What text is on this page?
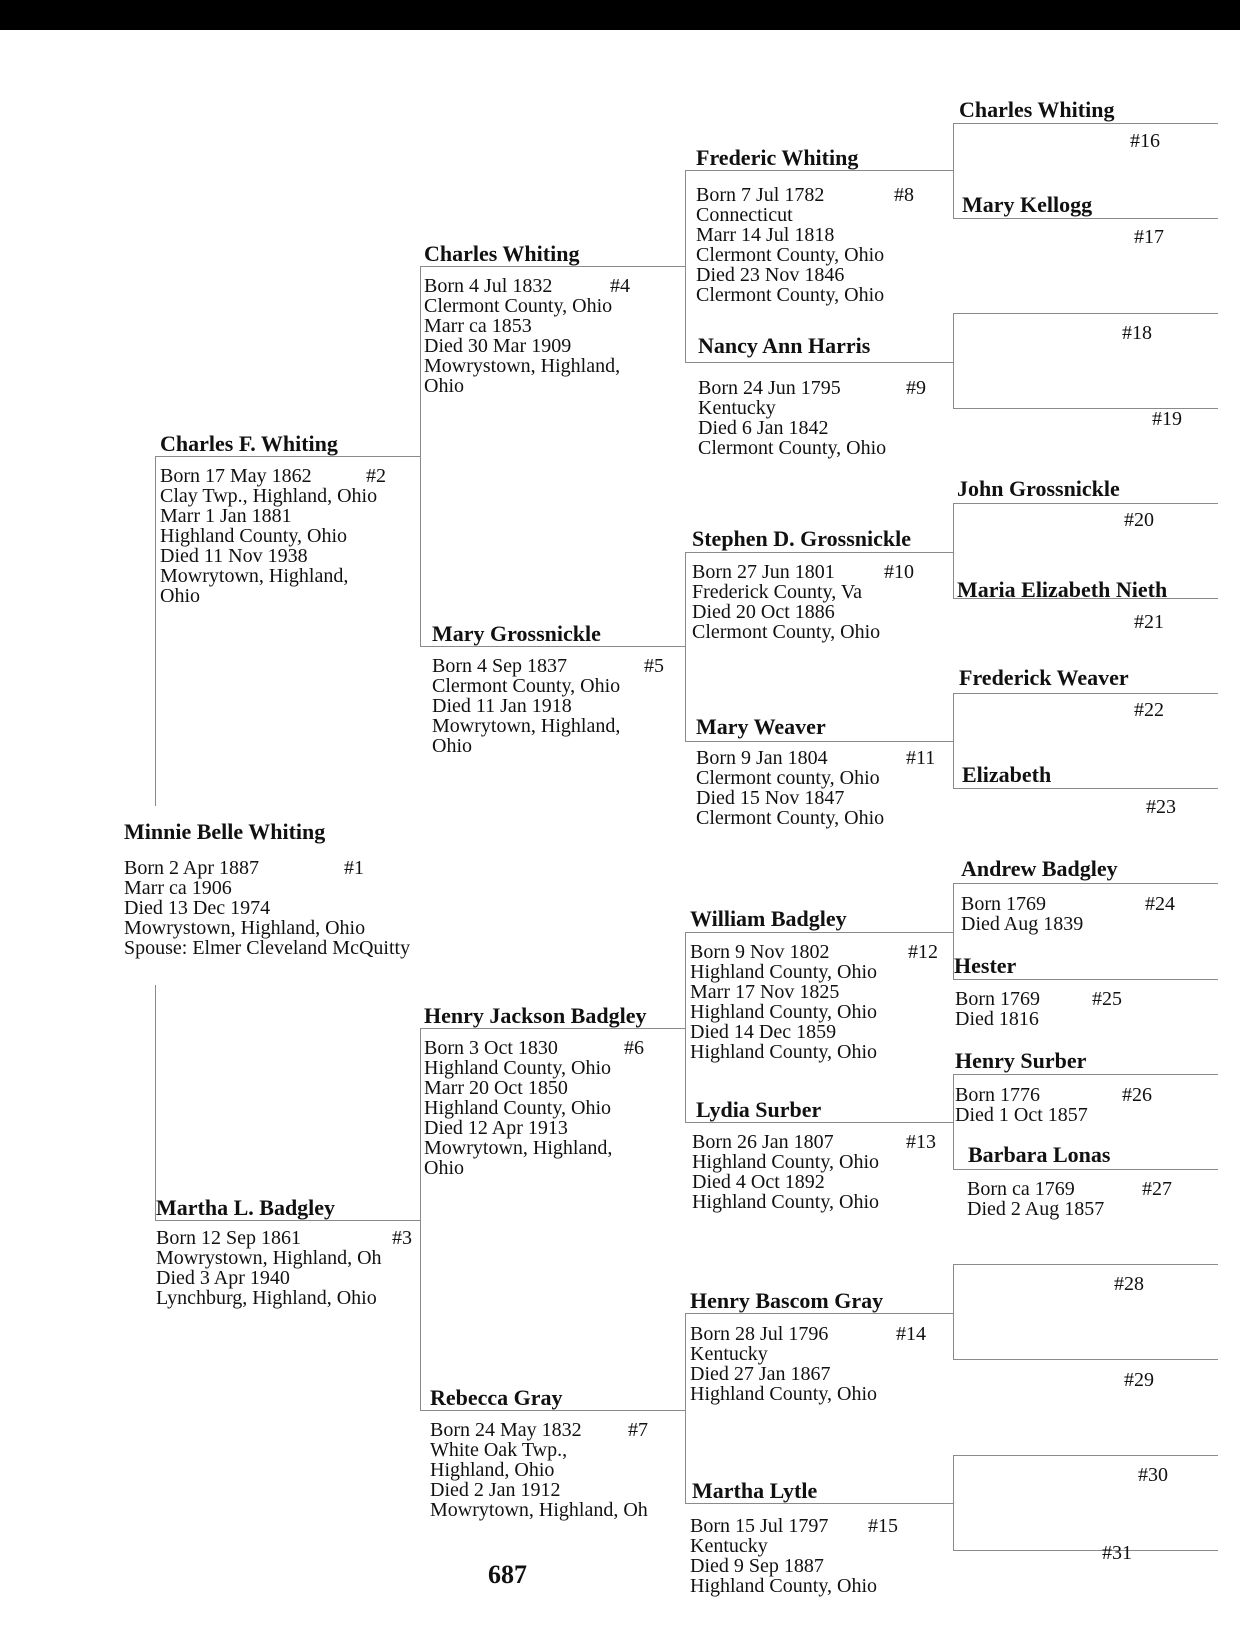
Minnie Belle Whiting
#1
Born 2 Apr 1887
Marr ca 1906
Died 13 Dec 1974
Mowrystown, Highland, Ohio
Spouse: Elmer Cleveland McQuitty
Charles F. Whiting
#2
Born 17 May 1862
Clay Twp., Highland, Ohio
Marr 1 Jan 1881
Highland County, Ohio
Died 11 Nov 1938
Mowrytown, Highland,
Ohio
Martha L. Badgley
#3
Born 12 Sep 1861
Mowrystown, Highland, Oh
Died 3 Apr 1940
Lynchburg, Highland, Ohio
Charles Whiting
#4
Born 4 Jul 1832
Clermont County, Ohio
Marr ca 1853
Died 30 Mar 1909
Mowrystown, Highland,
Ohio
Mary Grossnickle
#5
Born 4 Sep 1837
Clermont County, Ohio
Died 11 Jan 1918
Mowrytown, Highland,
Ohio
Henry Jackson Badgley
#6
Born 3 Oct 1830
Highland County, Ohio
Marr 20 Oct 1850
Highland County, Ohio
Died 12 Apr 1913
Mowrytown, Highland,
Ohio
Rebecca Gray
#7
Born 24 May 1832
White Oak Twp.,
Highland, Ohio
Died 2 Jan 1912
Mowrytown, Highland, Oh
Frederic Whiting
#8
Born 7 Jul 1782
Connecticut
Marr 14 Jul 1818
Clermont County, Ohio
Died 23 Nov 1846
Clermont County, Ohio
Nancy Ann Harris
#9
Born 24 Jun 1795
Kentucky
Died 6 Jan 1842
Clermont County, Ohio
Stephen D. Grossnickle
#10
Born 27 Jun 1801
Frederick County, Va
Died 20 Oct 1886
Clermont County, Ohio
Mary Weaver
#11
Born 9 Jan 1804
Clermont county, Ohio
Died 15 Nov 1847
Clermont County, Ohio
William Badgley
#12
Born 9 Nov 1802
Highland County, Ohio
Marr 17 Nov 1825
Highland County, Ohio
Died 14 Dec 1859
Highland County, Ohio
Lydia Surber
#13
Born 26 Jan 1807
Highland County, Ohio
Died 4 Oct 1892
Highland County, Ohio
Henry Bascom Gray
#14
Born 28 Jul 1796
Kentucky
Died 27 Jan 1867
Highland County, Ohio
Martha Lytle
#15
Born 15 Jul 1797
Kentucky
Died 9 Sep 1887
Highland County, Ohio
Charles Whiting
#16
Mary Kellogg
#17
#18
#19
John Grossnickle
#20
Maria Elizabeth Nieth
#21
Frederick Weaver
#22
Elizabeth
#23
Andrew Badgley
#24
Born 1769
Died Aug 1839
Hester
#25
Born 1769
Died 1816
Henry Surber
#26
Born 1776
Died 1 Oct 1857
Barbara Lonas
#27
Born ca 1769
Died 2 Aug 1857
#28
#29
#30
#31
687
